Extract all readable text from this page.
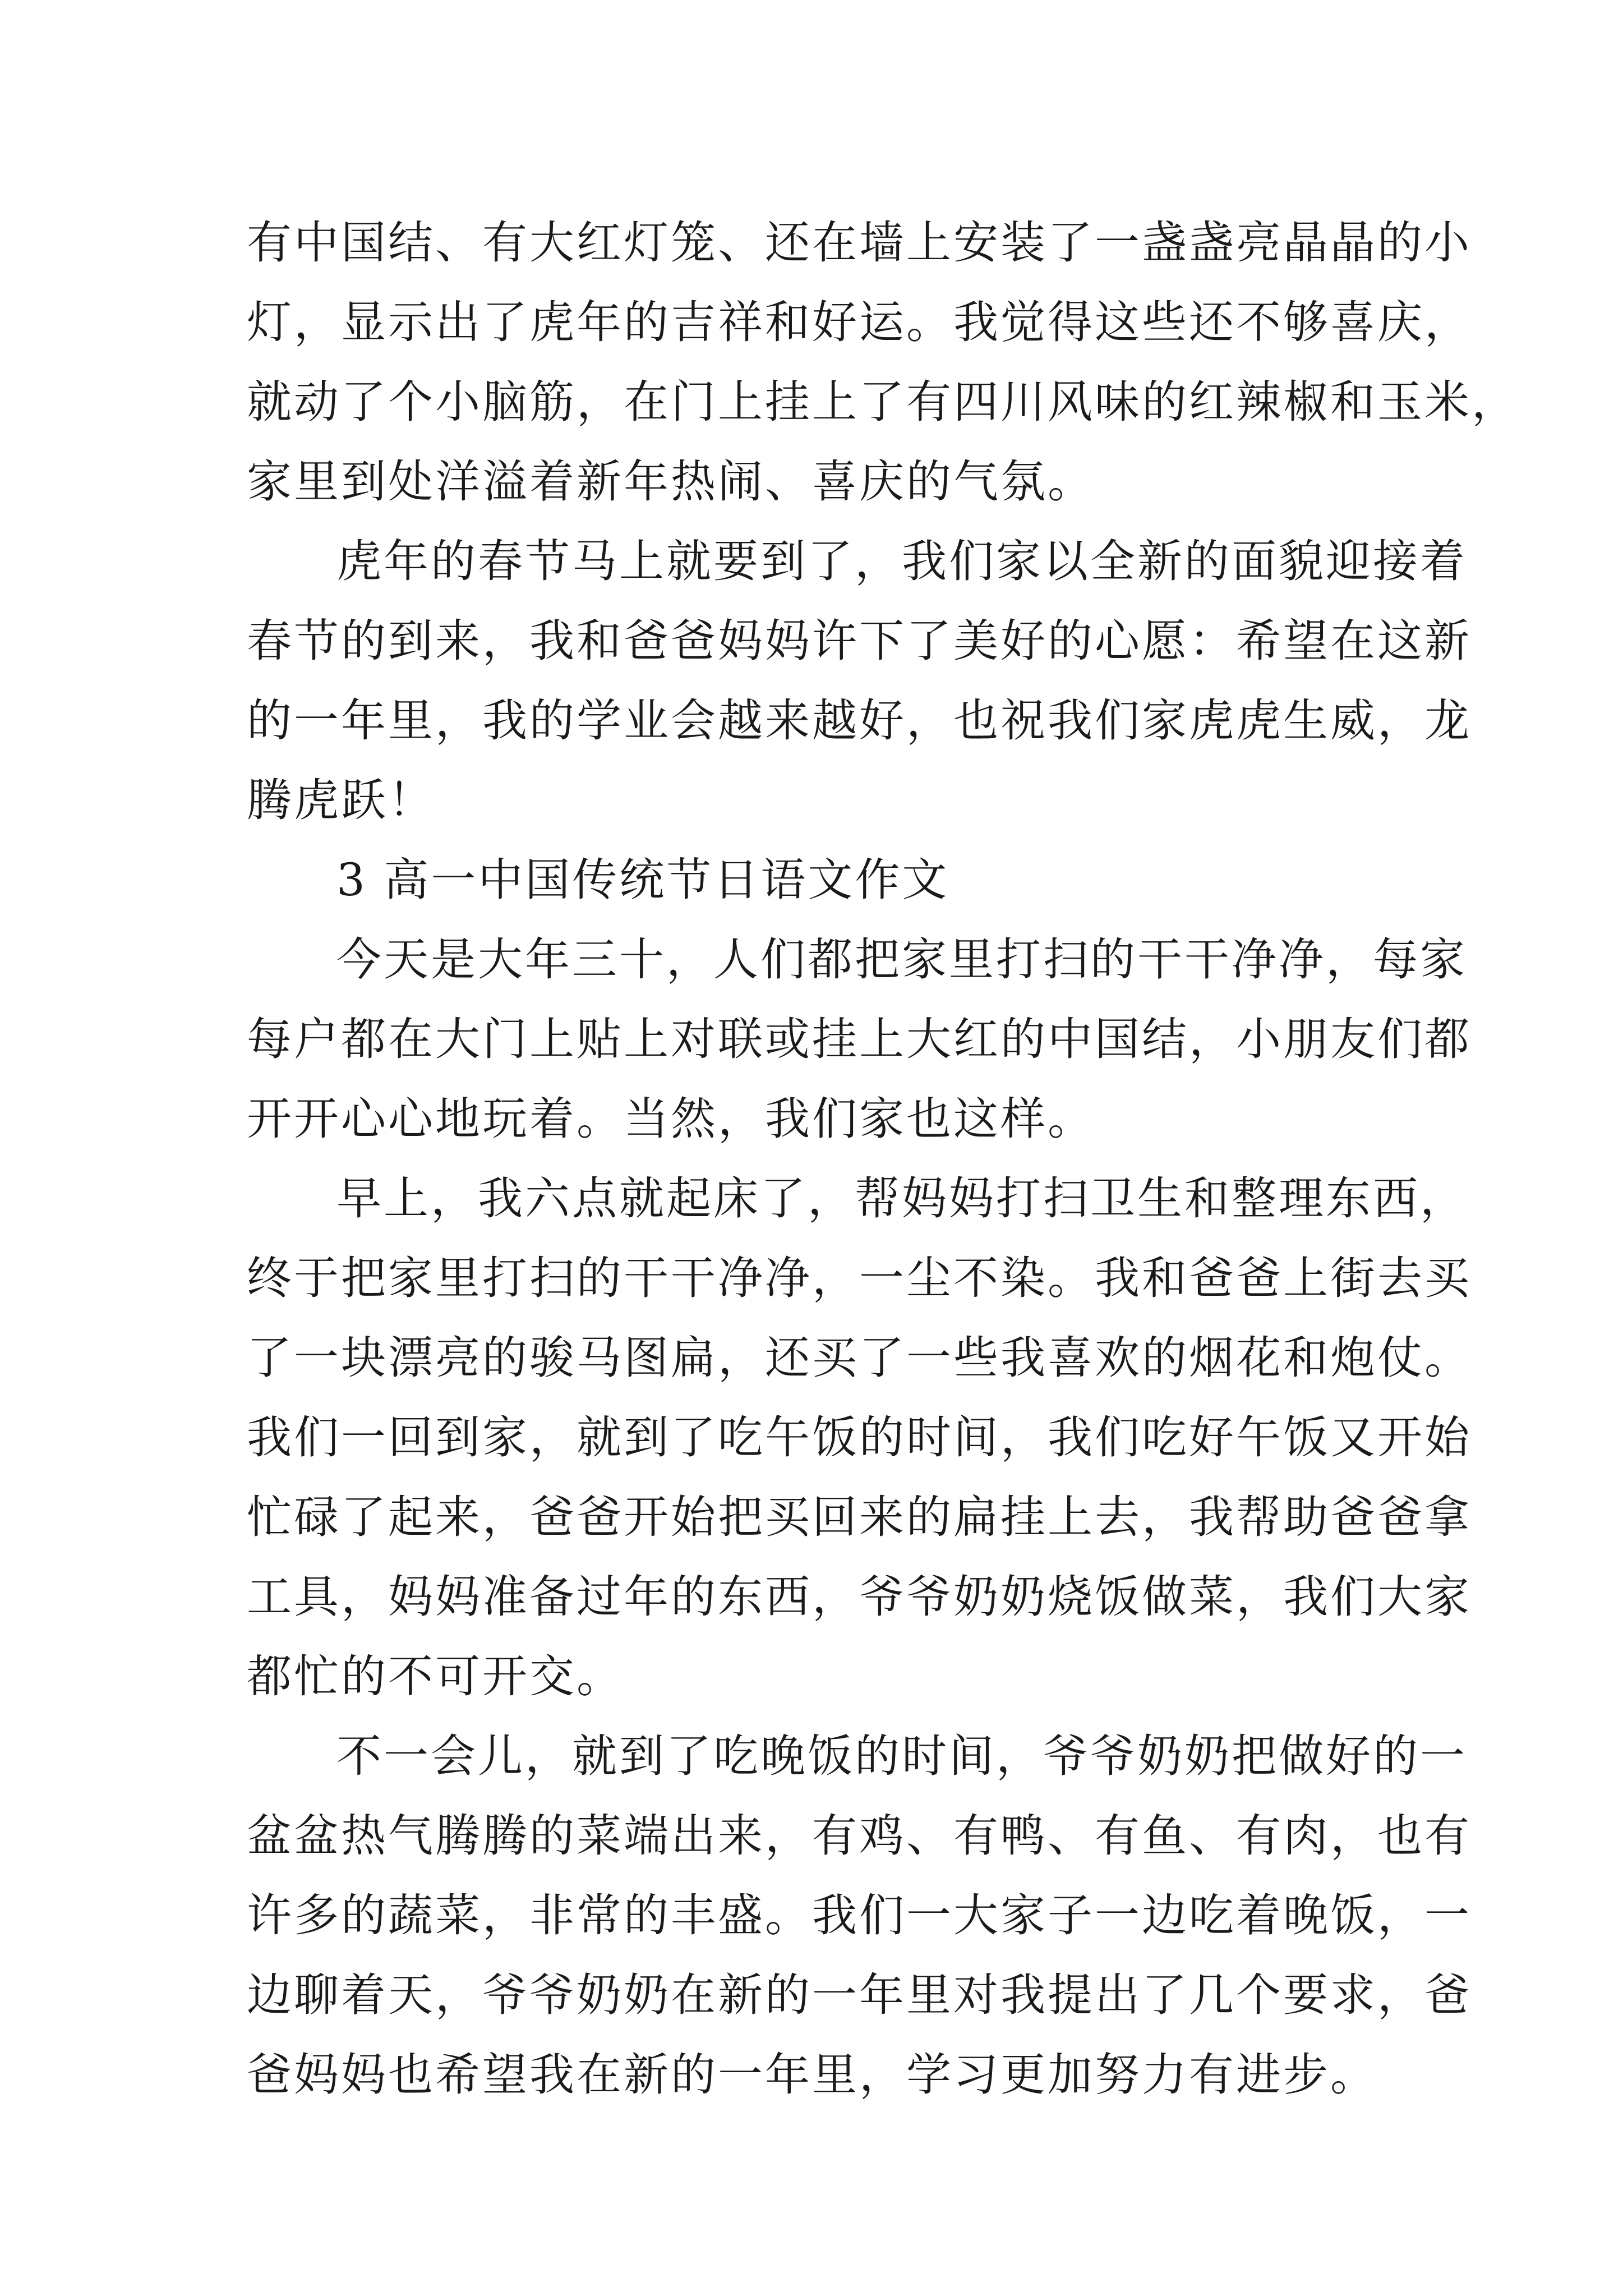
有中国结、有大红灯笼、还在墙上安装了一盏盏亮晶晶的小
灯，显示出了虎年的吉祥和好运。我觉得这些还不够喜庆，
就动了个小脑筋，在门上挂上了有四川风味的红辣椒和玉米，
家里到处洋溢着新年热闹、喜庆的气氛。
虎年的春节马上就要到了，我们家以全新的面貌迎接着
春节的到来，我和爸爸妈妈许下了美好的心愿：希望在这新
的一年里，我的学业会越来越好，也祝我们家虎虎生威，龙
腾虎跃！
3 高一中国传统节日语文作文
今天是大年三十，人们都把家里打扫的干干净净，每家
每户都在大门上贴上对联或挂上大红的中国结，小朋友们都
开开心心地玩着。当然，我们家也这样。
早上，我六点就起床了，帮妈妈打扫卫生和整理东西，
终于把家里打扫的干干净净，一尘不染。我和爸爸上街去买
了一块漂亮的骏马图扁，还买了一些我喜欢的烟花和炮仗。
我们一回到家，就到了吃午饭的时间，我们吃好午饭又开始
忙碌了起来，爸爸开始把买回来的扁挂上去，我帮助爸爸拿
工具，妈妈准备过年的东西，爷爷奶奶烧饭做菜，我们大家
都忙的不可开交。
不一会儿，就到了吃晚饭的时间，爷爷奶奶把做好的一
盆盆热气腾腾的菜端出来，有鸡、有鸭、有鱼、有肉，也有
许多的蔬菜，非常的丰盛。我们一大家子一边吃着晚饭，一
边聊着天，爷爷奶奶在新的一年里对我提出了几个要求，爸
爸妈妈也希望我在新的一年里，学习更加努力有进步。
